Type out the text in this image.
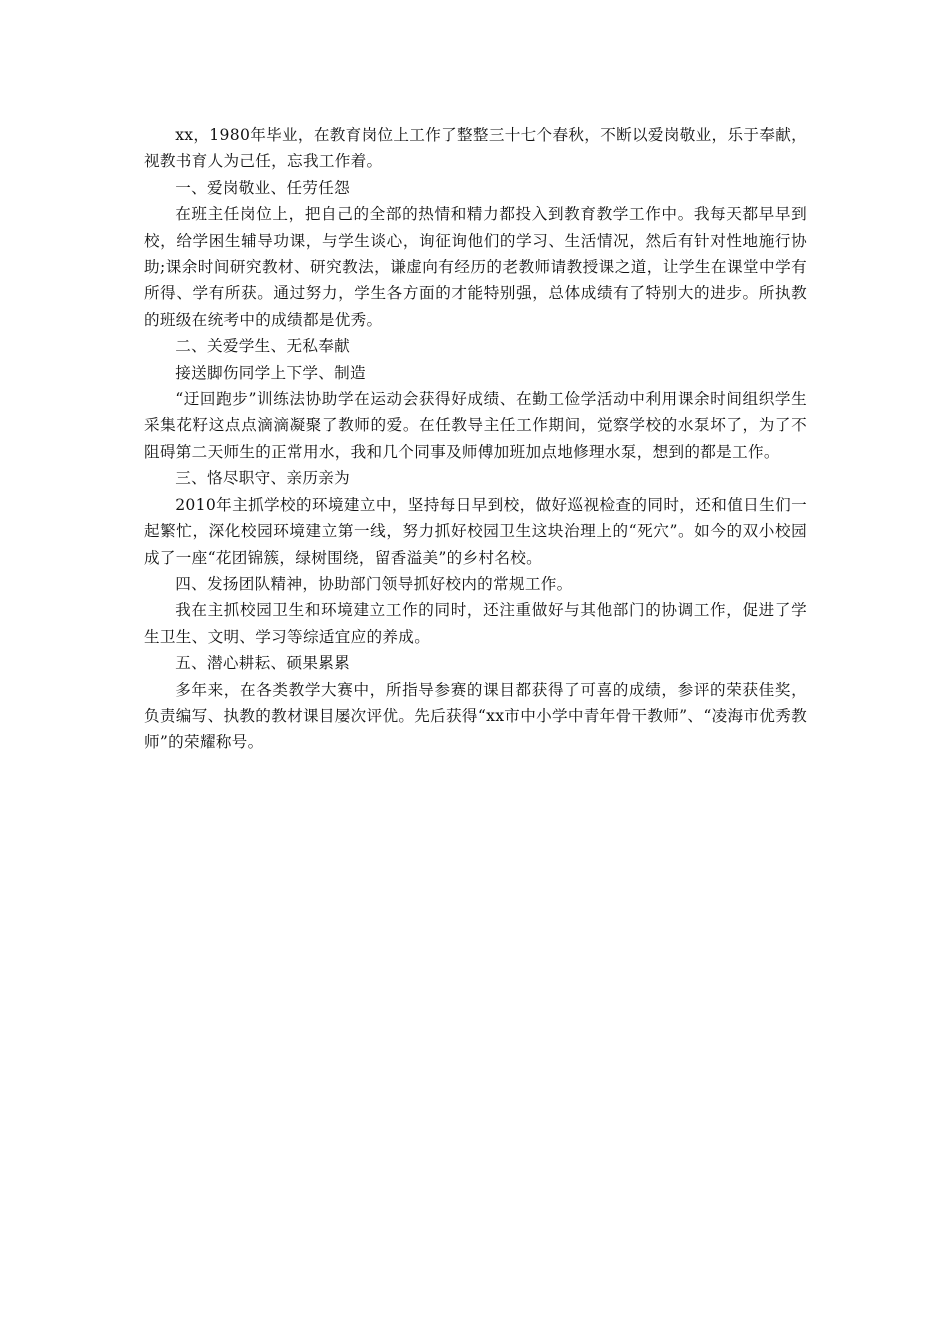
xx，1980年毕业，在教育岗位上工作了整整三十七个春秋，不断以爱岗敬业，乐于奉献，视教书育人为己任，忘我工作着。

一、爱岗敬业、任劳任怨

在班主任岗位上，把自己的全部的热情和精力都投入到教育教学工作中。我每天都早早到校，给学困生辅导功课，与学生谈心，询征询他们的学习、生活情况，然后有针对性地施行协助;课余时间研究教材、研究教法，谦虚向有经历的老教师请教授课之道，让学生在课堂中学有所得、学有所获。通过努力，学生各方面的才能特别强，总体成绩有了特别大的进步。所执教的班级在统考中的成绩都是优秀。

二、关爱学生、无私奉献

接送脚伤同学上下学、制造

“迂回跑步”训练法协助学在运动会获得好成绩、在勤工俭学活动中利用课余时间组织学生采集花籽这点点滴滴凝聚了教师的爱。在任教导主任工作期间，觉察学校的水泵坏了，为了不阻碍第二天师生的正常用水，我和几个同事及师傅加班加点地修理水泵，想到的都是工作。

三、恪尽职守、亲历亲为

2010年主抓学校的环境建立中，坚持每日早到校，做好巡视检查的同时，还和值日生们一起繁忙，深化校园环境建立第一线，努力抓好校园卫生这块治理上的“死穴”。如今的双小校园成了一座“花团锦簇，绿树围绕，留香溢美”的乡村名校。

四、发扬团队精神，协助部门领导抓好校内的常规工作。

我在主抓校园卫生和环境建立工作的同时，还注重做好与其他部门的协调工作，促进了学生卫生、文明、学习等综适宜应的养成。

五、潜心耕耘、硕果累累

多年来，在各类教学大赛中，所指导参赛的课目都获得了可喜的成绩，参评的荣获佳奖，负责编写、执教的教材课目屡次评优。先后获得“xx市中小学中青年骨干教师”、“凌海市优秀教师”的荣耀称号。
